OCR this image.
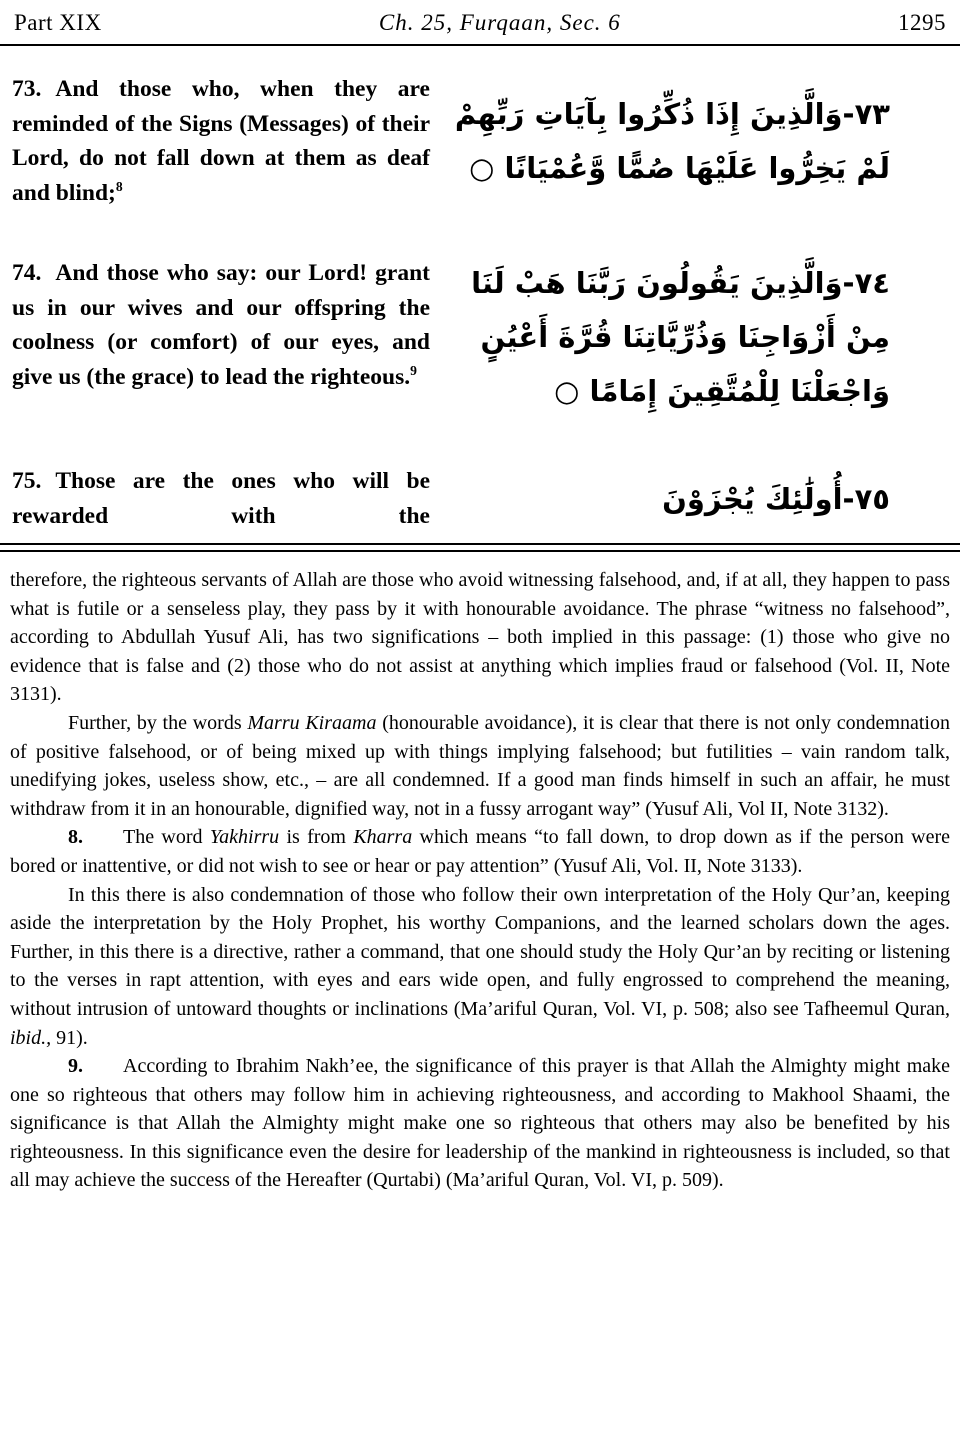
Part XIX	Ch. 25, Furqaan, Sec. 6	1295

73. And those who, when they are reminded of the Signs (Messages) of their Lord, do not fall down at them as deaf and blind;$^8$

٧٣-وَالَّذِينَ إِذَا ذُكِّرُوا بِآيَاتِ رَبِّهِمْ لَمْ يَخِرُّوا عَلَيْهَا صُمًّا وَّعُمْيَانًا ○

74. And those who say: our Lord! grant us in our wives and our offspring the coolness (or comfort) of our eyes, and give us (the grace) to lead the righteous.$^9$

٧٤-وَالَّذِينَ يَقُولُونَ رَبَّنَا هَبْ لَنَا مِنْ أَزْوَاجِنَا وَذُرِّيَّاتِنَا قُرَّةَ أَعْيُنٍ وَاجْعَلْنَا لِلْمُتَّقِينَ إِمَامًا ○

75. Those are the ones who will be rewarded with the	٧٥-أُولَٰئِكَ يُجْزَوْنَ

therefore, the righteous servants of Allah are those who avoid witnessing falsehood, and, if at all, they happen to pass what is futile or a senseless play, they pass by it with honourable avoidance. The phrase “witness no falsehood”, according to Abdullah Yusuf Ali, has two significations – both implied in this passage: (1) those who give no evidence that is false and (2) those who do not assist at anything which implies fraud or falsehood (Vol. II, Note 3131).

Further, by the words Marru Kiraama (honourable avoidance), it is clear that there is not only condemnation of positive falsehood, or of being mixed up with things implying falsehood; but futilities – vain random talk, unedifying jokes, useless show, etc., – are all condemned. If a good man finds himself in such an affair, he must withdraw from it in an honourable, dignified way, not in a fussy arrogant way” (Yusuf Ali, Vol II, Note 3132).

8. The word Yakhirru is from Kharra which means “to fall down, to drop down as if the person were bored or inattentive, or did not wish to see or hear or pay attention” (Yusuf Ali, Vol. II, Note 3133).

In this there is also condemnation of those who follow their own interpretation of the Holy Qur’an, keeping aside the interpretation by the Holy Prophet, his worthy Companions, and the learned scholars down the ages. Further, in this there is a directive, rather a command, that one should study the Holy Qur’an by reciting or listening to the verses in rapt attention, with eyes and ears wide open, and fully engrossed to comprehend the meaning, without intrusion of untoward thoughts or inclinations (Ma’ariful Quran, Vol. VI, p. 508; also see Tafheemul Quran, ibid., 91).

9. According to Ibrahim Nakh’ee, the significance of this prayer is that Allah the Almighty might make one so righteous that others may follow him in achieving righteousness, and according to Makhool Shaami, the significance is that Allah the Almighty might make one so righteous that others may also be benefited by his righteousness. In this significance even the desire for leadership of the mankind in righteousness is included, so that all may achieve the success of the Hereafter (Qurtabi) (Ma’ariful Quran, Vol. VI, p. 509).
